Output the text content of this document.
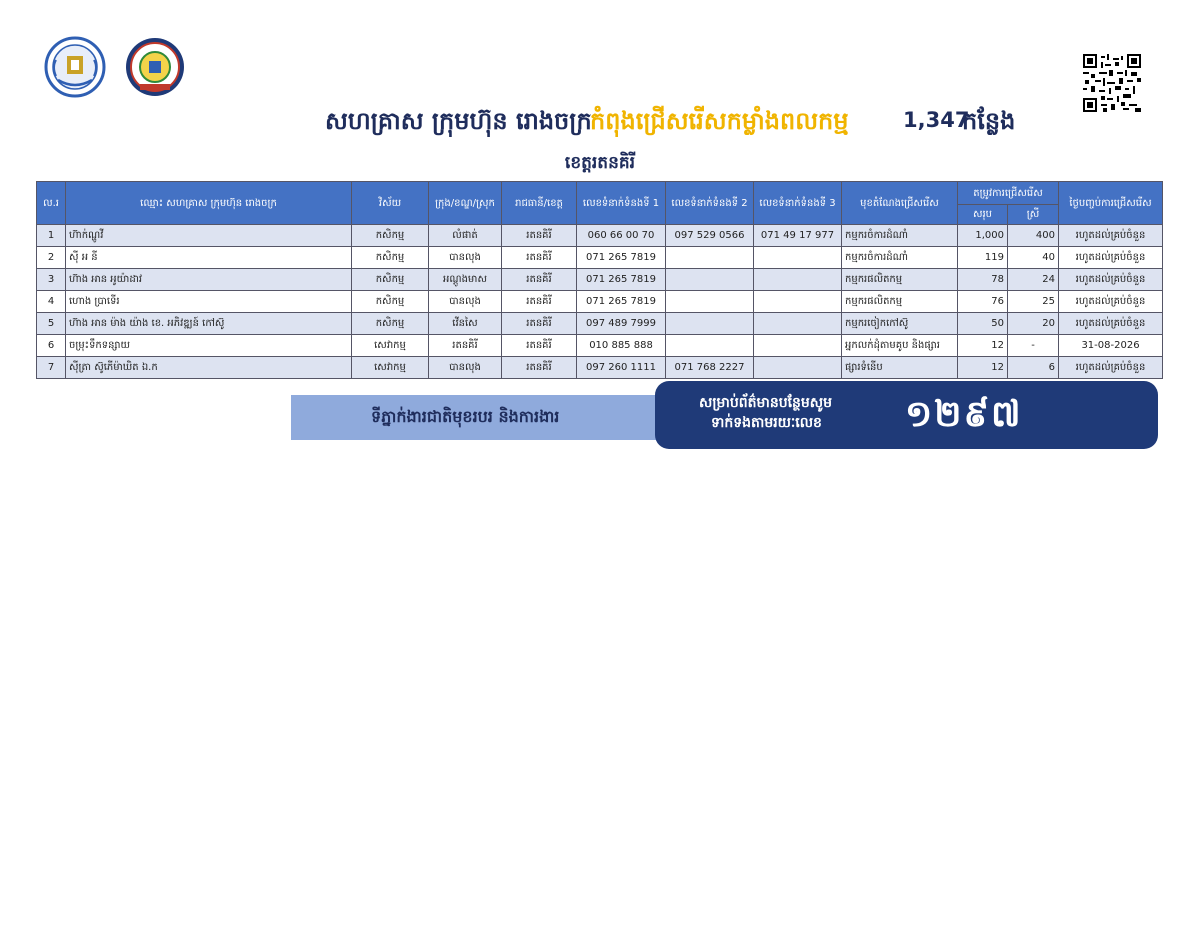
សហគ្រាស ក្រុមហ៊ុន រោងចក្រ
កំពុងជ្រើសរើសកម្លាំងពលកម្ម	1,347
កន្លែង
ខេត្តរតនគិរី
ល.រ	ឈ្មោះ សហគ្រាស ក្រុមហ៊ុន រោងចក្រ	វិស័យ	ក្រុង/ខណ្ឌ/ស្រុក	រាជធានី/ខេត្ត	លេខទំនាក់ទំនងទី 1	លេខទំនាក់ទំនងទី 2	លេខទំនាក់ទំនងទី 3	មុខតំណែងជ្រើសរើស	តម្រូវការជ្រើសរើស		ថ្ងៃបញ្ចប់ការជ្រើសរើស
									សរុប	ស្រី	
1	ហ៊ាក់ណ្ហូវី	កសិកម្ម	លំផាត់	រតនគិរី	060 66 00 70	097 529 0566	071 49 17 977	កម្មករចំការដំណាំ	1,000	400	រហូតដល់គ្រប់ចំនួន
2	ស៊ី អ នី	កសិកម្ម	បានលុង	រតនគិរី	071 265 7819			កម្មករចំការដំណាំ	119	40	រហូតដល់គ្រប់ចំនួន
3	ហ៊ាង អាន អូយ៉ាដាវ	កសិកម្ម	អណ្តូងមាស	រតនគិរី	071 265 7819			កម្មករផលិតកម្ម	78	24	រហូតដល់គ្រប់ចំនួន
4	ហោង ប្រាទើរ	កសិកម្ម	បានលុង	រតនគិរី	071 265 7819			កម្មករផលិតកម្ម	76	25	រហូតដល់គ្រប់ចំនួន
5	ហ៊ាង អាន ម៉ាង យ៉ាង ខេ. អភិវឌ្ឍន៍ កៅស៊ូ	កសិកម្ម	វើនសៃ	រតនគិរី	097 489 7999			កម្មករចៀកកៅស៊ូ	50	20	រហូតដល់គ្រប់ចំនួន
6	ចម្រុះទឹកទន្សាយ	សេវាកម្ម	រតនគិរី	រតនគិរី	010 885 888			អ្នកលក់ដុំតាមគូប និងផ្សារ	12	-	31-08-2026
7	ស៊ីត្រា ស៊ូភើម៉ាឃិត ឯ.ក	សេវាកម្ម	បានលុង	រតនគិរី	097 260 1111	071 768 2227		ផ្សារទំនើប	12	6	រហូតដល់គ្រប់ចំនួន
ទីភ្នាក់ងារជាតិមុខរបរ និងការងារ
សម្រាប់ព័ត៌មានបន្ថែមសូម
ទាក់ទងតាមរយៈលេខ ១២៩៧
